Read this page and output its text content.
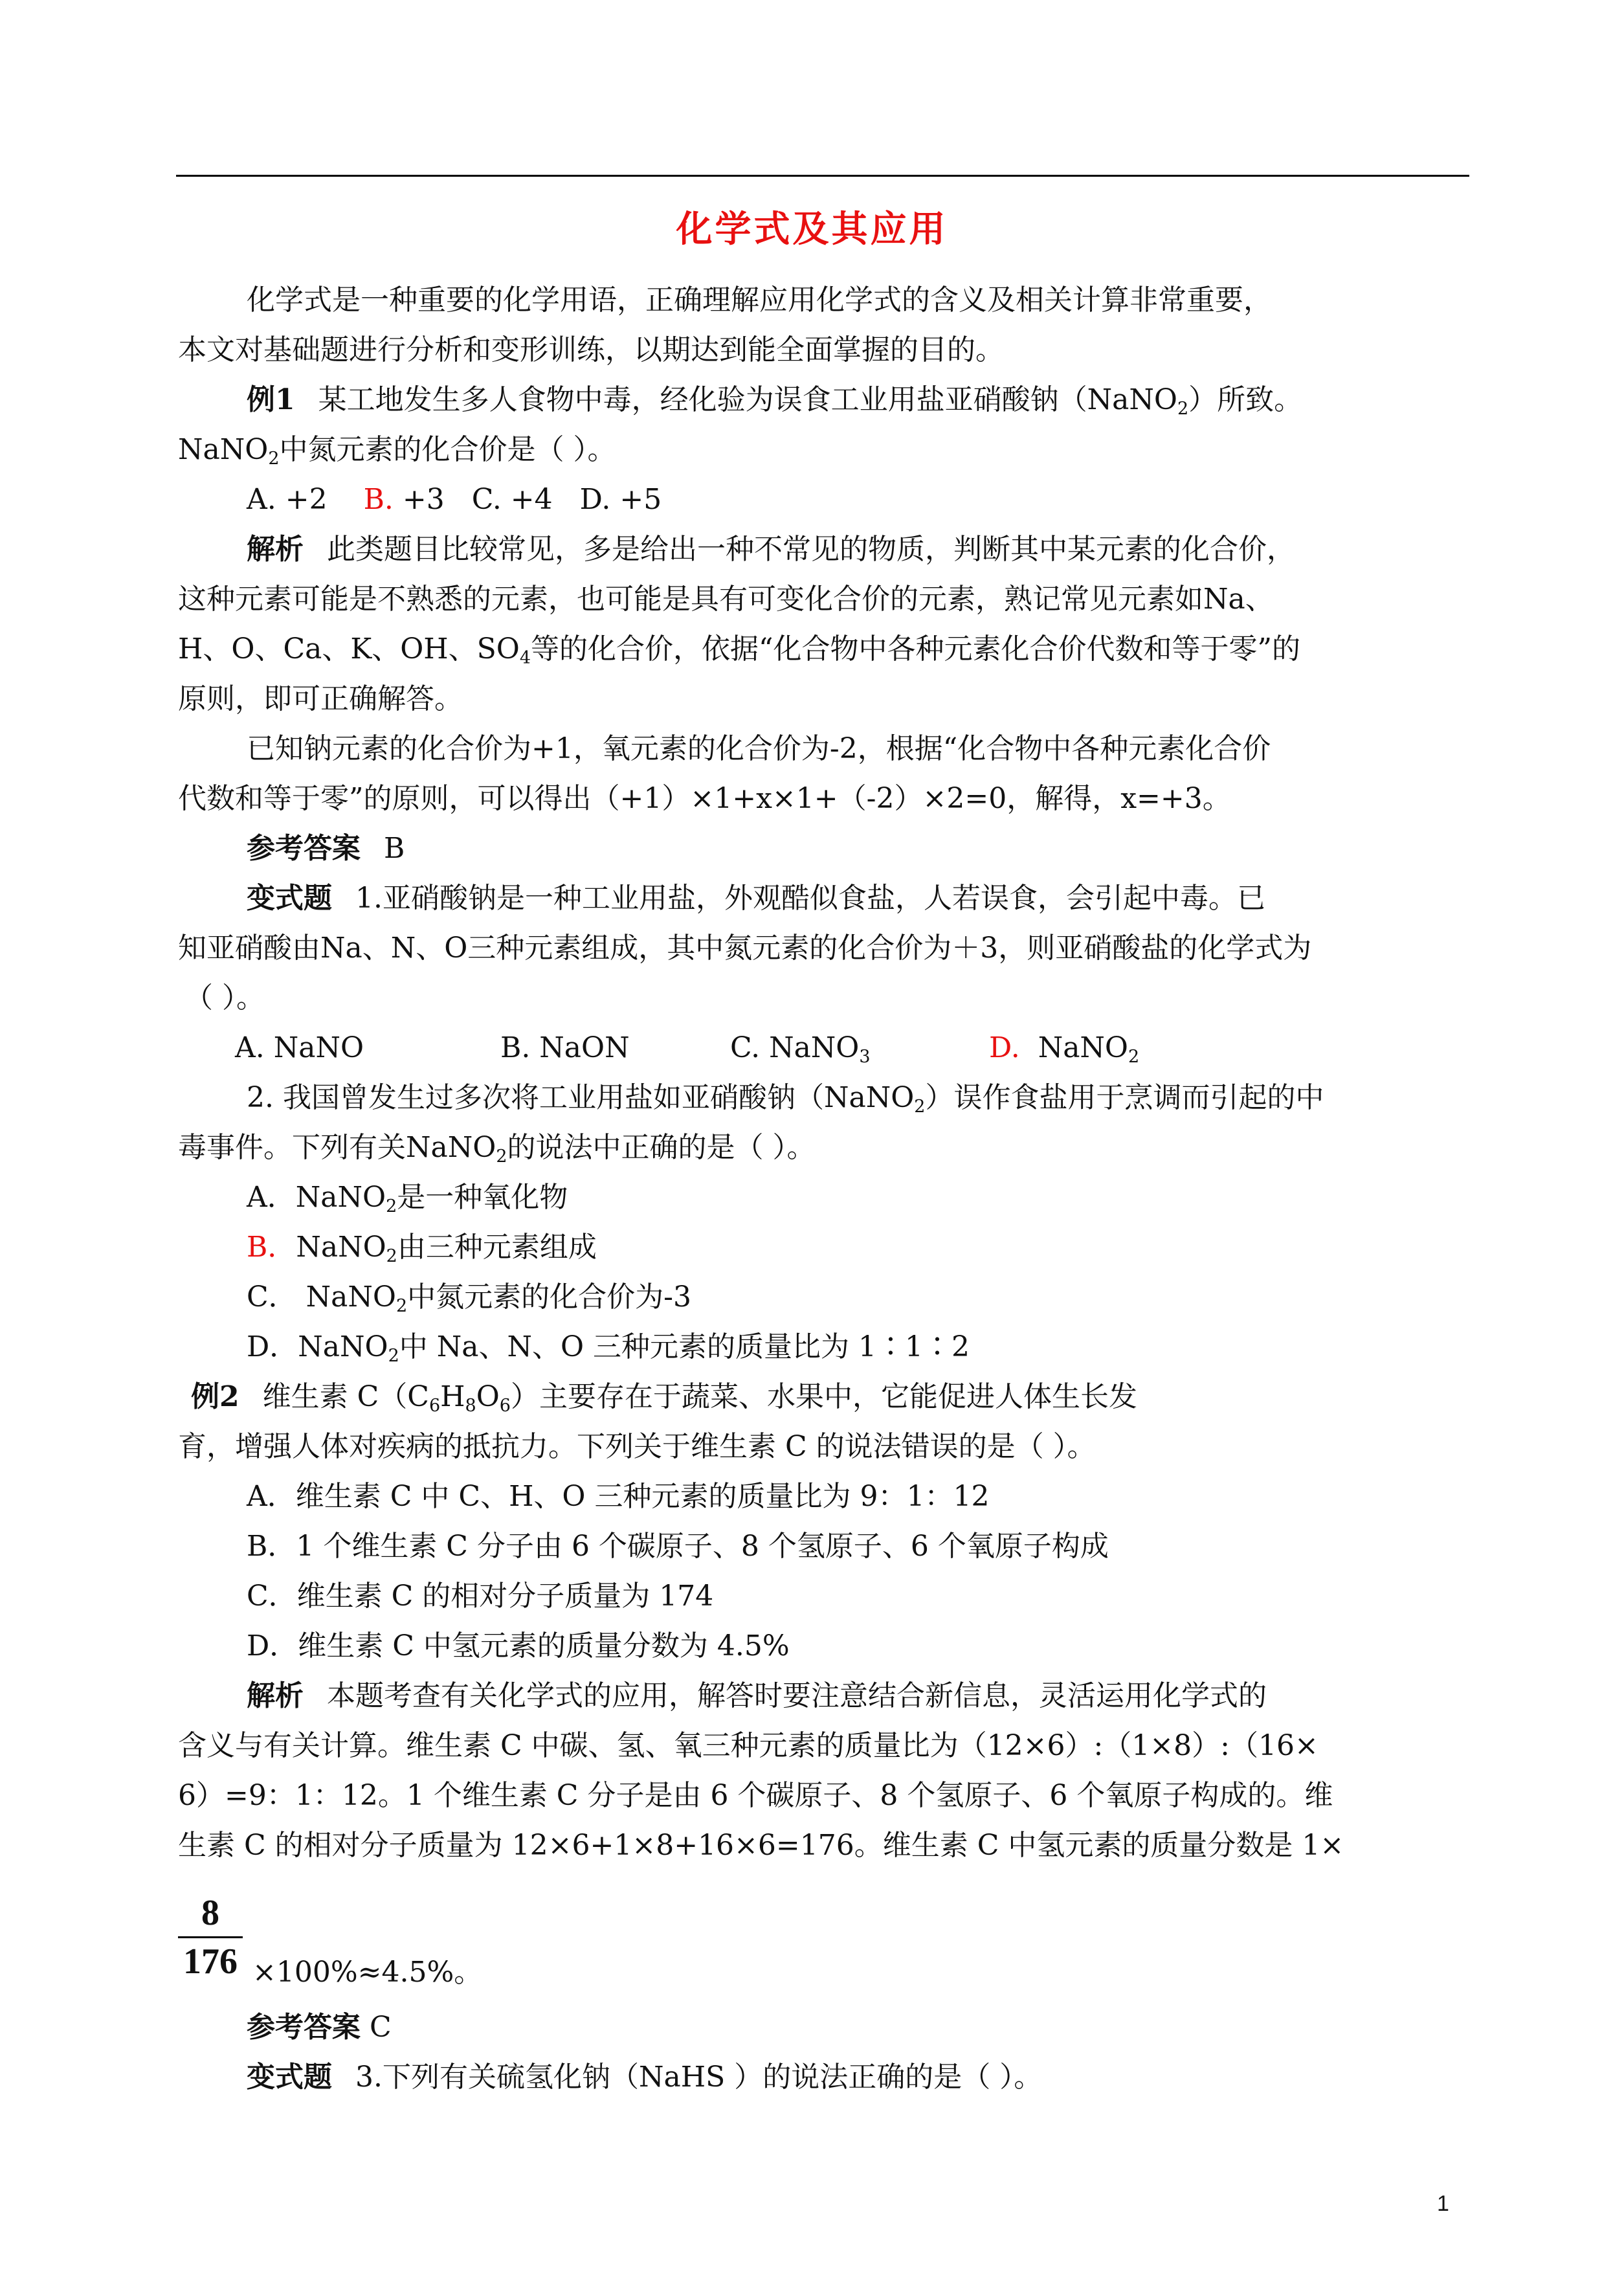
化学式及其应用

化学式是一种重要的化学用语，正确理解应用化学式的含义及相关计算非常重要，

本文对基础题进行分析和变形训练，以期达到能全面掌握的目的。

例1 某工地发生多人食物中毒，经化验为误食工业用盐亚硝酸钠（NaNO$_2$）所致。

NaNO$_2$中氮元素的化合价是（ ）。

A. +2 B. +3 C. +4 D. +5

解析 此类题目比较常见，多是给出一种不常见的物质，判断其中某元素的化合价，

这种元素可能是不熟悉的元素，也可能是具有可变化合价的元素，熟记常见元素如Na、

H、O、Ca、K、OH、$SO_4$等的化合价，依据“化合物中各种元素化合价代数和等于零”的

原则，即可正确解答。

已知钠元素的化合价为+1，氧元素的化合价为-2，根据“化合物中各种元素化合价

代数和等于零”的原则，可以得出（+1）×1+x×1+（-2）×2=0，解得，x=+3。

参考答案 B

变式题 1.亚硝酸钠是一种工业用盐，外观酷似食盐，人若误食，会引起中毒。已

知亚硝酸由Na、N、O三种元素组成，其中氮元素的化合价为＋3，则亚硝酸盐的化学式为

（ ）。

A. NaNO	B. NaON	C. NaNO$_3$	D. NaNO$_2$

2. 我国曾发生过多次将工业用盐如亚硝酸钠（NaNO$_2$）误作食盐用于烹调而引起的中

毒事件。下列有关NaNO$_2$的说法中正确的是（ ）。

A．NaNO$_2$是一种氧化物

B．NaNO$_2$由三种元素组成

C． NaNO$_2$中氮元素的化合价为-3

D．NaNO$_2$中 Na、N、O 三种元素的质量比为 1∶1∶2

例2 维生素 $C(C_6H_8O_6)$主要存在于蔬菜、水果中，它能促进人体生长发

育，增强人体对疾病的抵抗力。下列关于维生素 C 的说法错误的是（ ）。

A．维生素 C 中 C、H、O 三种元素的质量比为 9：1：12

B．1 个维生素 C 分子由 6 个碳原子、8 个氢原子、6 个氧原子构成

C．维生素 C 的相对分子质量为 174

D．维生素 C 中氢元素的质量分数为 4.5%

解析 本题考查有关化学式的应用，解答时要注意结合新信息，灵活运用化学式的

含义与有关计算。维生素 C 中碳、氢、氧三种元素的质量比为（12×6）:（1×8）:（16×

6）=9：1：12。1 个维生素 C 分子是由 6 个碳原子、8 个氢原子、6 个氧原子构成的。维

生素 C 的相对分子质量为 12×6+1×8+16×6=176。维生素 C 中氢元素的质量分数是 1×

8
176 ×100%≈4.5%。

参考答案 C

变式题 3.下列有关硫氢化钠（NaHS ）的说法正确的是（ ）。

1
